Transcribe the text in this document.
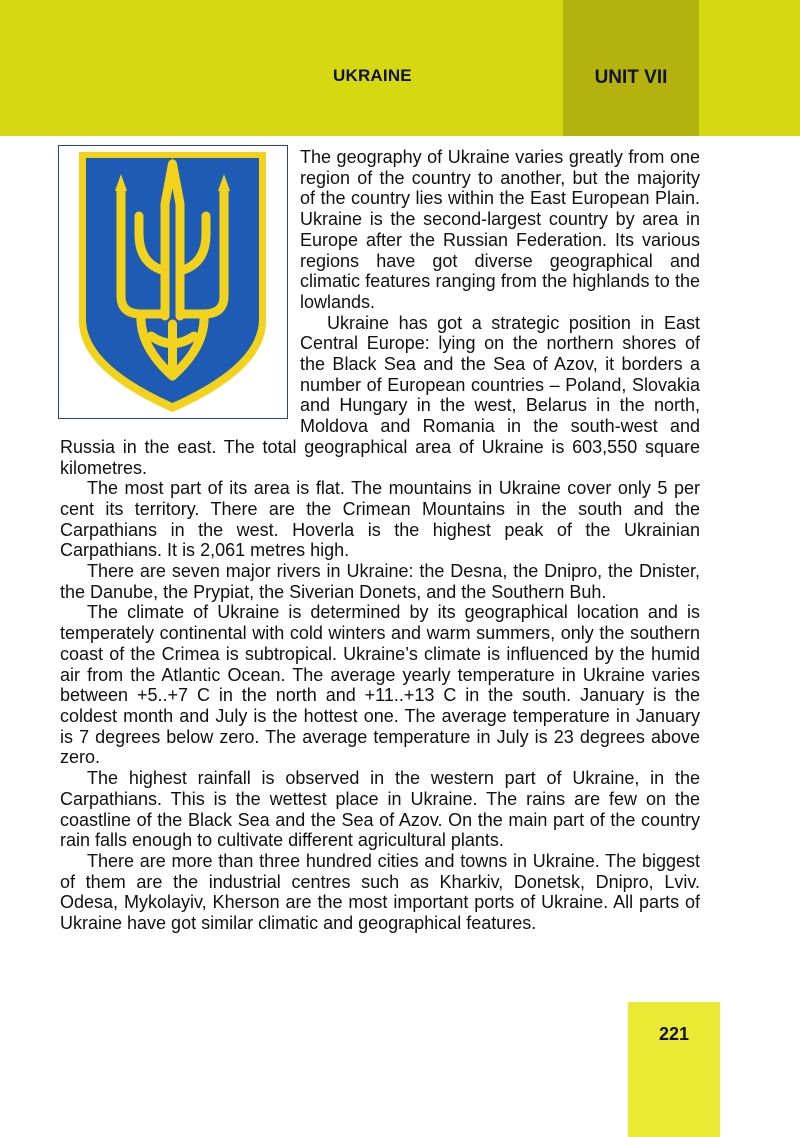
UKRAINE	UNIT VII

The geography of Ukraine varies greatly from one region of the country to another, but the majority of the country lies within the East European Plain. Ukraine is the second-largest country by area in Europe after the Russian Federation. Its various regions have got diverse geographical and climatic features ranging from the highlands to the lowlands.

Ukraine has got a strategic position in East Central Europe: lying on the northern shores of the Black Sea and the Sea of Azov, it borders a number of European countries – Poland, Slovakia and Hungary in the west, Belarus in the north, Moldova and Romania in the south-west and Russia in the east. The total geographical area of Ukraine is 603,550 square kilometres.

The most part of its area is flat. The mountains in Ukraine cover only 5 per cent its territory. There are the Crimean Mountains in the south and the Carpathians in the west. Hoverla is the highest peak of the Ukrainian Carpathians. It is 2,061 metres high.

There are seven major rivers in Ukraine: the Desna, the Dnipro, the Dnister, the Danube, the Prypiat, the Siverian Donets, and the Southern Buh.

The climate of Ukraine is determined by its geographical location and is temperately continental with cold winters and warm summers, only the southern coast of the Crimea is subtropical. Ukraine’s climate is influenced by the humid air from the Atlantic Ocean. The average yearly temperature in Ukraine varies between +5..+7 C in the north and +11..+13 C in the south. January is the coldest month and July is the hottest one. The average temperature in January is 7 degrees below zero. The average temperature in July is 23 degrees above zero.

The highest rainfall is observed in the western part of Ukraine, in the Carpathians. This is the wettest place in Ukraine. The rains are few on the coastline of the Black Sea and the Sea of Azov. On the main part of the country rain falls enough to cultivate different agricultural plants.

There are more than three hundred cities and towns in Ukraine. The biggest of them are the industrial centres such as Kharkiv, Donetsk, Dnipro, Lviv. Odesa, Mykolayiv, Kherson are the most important ports of Ukraine. All parts of Ukraine have got similar climatic and geographical features.

221
